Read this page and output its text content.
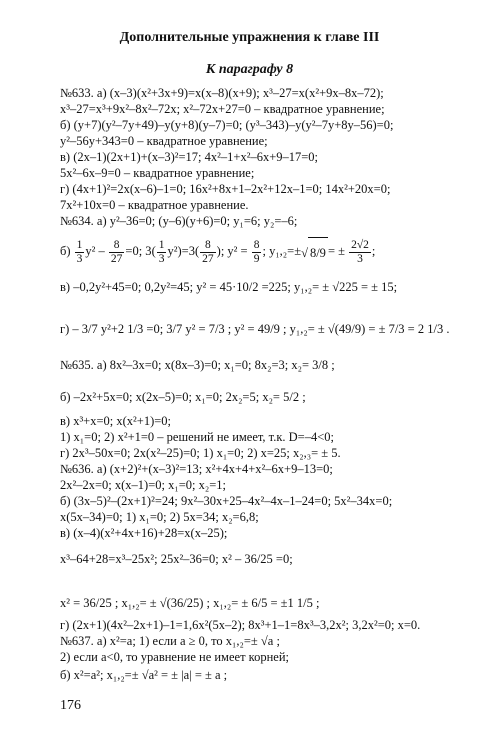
Дополнительные упражнения к главе III
К параграфу 8
№633. а) (x–3)(x²+3x+9)=x(x–8)(x+9); x³–27=x(x²+9x–8x–72);
x³–27=x³+9x²–8x²–72x; x²–72x+27=0 – квадратное уравнение;
б) (y+7)(y²–7y+49)–y(y+8)(y–7)=0; (y³–343)–y(y²–7y+8y–56)=0;
y²–56y+343=0 – квадратное уравнение;
в) (2x–1)(2x+1)+(x–3)²=17; 4x²–1+x²–6x+9–17=0;
5x²–6x–9=0 – квадратное уравнение;
г) (4x+1)²=2x(x–6)–1=0; 16x²+8x+1–2x²+12x–1=0; 14x²+20x=0;
7x²+10x=0 – квадратное уравнение.
№634. а) y²–36=0; (y–6)(y+6)=0; y₁=6; y₂=–6;
$б) \frac{1}{3} y^2 - \frac{8}{27} =0$; $3( \frac{1}{3} y^2)=3( \frac{8}{27}$ ); $y^2 = \frac{8}{9}$ ; y₁,₂=±√ 8/9 = ± $\frac{2√2}{3}$ ;
в) –0,2y²+45=0; 0,2y²=45; y² = 45·10/2 =225; y₁,₂= ± √225 = ± 15;
г) – 3/7 y²+2 1/3 =0; 3/7 y² = 7/3 ; y² = 49/9 ; y₁,₂= ± √(49/9) = ± 7/3 = 2 1/3 .
№635. а) 8x²–3x=0; x(8x–3)=0; x₁=0; 8x₂=3; x₂= 3/8 ;
б) –2x²+5x=0; x(2x–5)=0; x₁=0; 2x₂=5; x₂= 5/2 ;
в) x³+x=0; x(x²+1)=0;
1) x₁=0; 2) x²+1=0 – решений не имеет, т.к. D=–4<0;
г) 2x³–50x=0; 2x(x²–25)=0; 1) x₁=0; 2) x=25; x₂,₃= ± 5.
№636. а) (x+2)²+(x–3)²=13; x²+4x+4+x²–6x+9–13=0;
2x²–2x=0; x(x–1)=0; x₁=0; x₂=1;
б) (3x–5)²–(2x+1)²=24; 9x²–30x+25–4x²–4x–1–24=0; 5x²–34x=0;
x(5x–34)=0; 1) x₁=0; 2) 5x=34; x₂=6,8;
в) (x–4)(x²+4x+16)+28=x(x–25);
x³–64+28=x³–25x²; 25x²–36=0; x² – 36/25 =0;
x² = 36/25 ; x₁,₂= ± √(36/25) ; x₁,₂= ± 6/5 = ±1 1/5 ;
г) (2x+1)(4x²–2x+1)–1=1,6x²(5x–2); 8x³+1–1=8x³–3,2x²; 3,2x²=0; x=0.
№637. а) x²=a; 1) если a ≥ 0, то x₁,₂=± √a ;
2) если a<0, то уравнение не имеет корней;
б) x²=a²; x₁,₂=± √a² = ± |a| = ± a ;
176
